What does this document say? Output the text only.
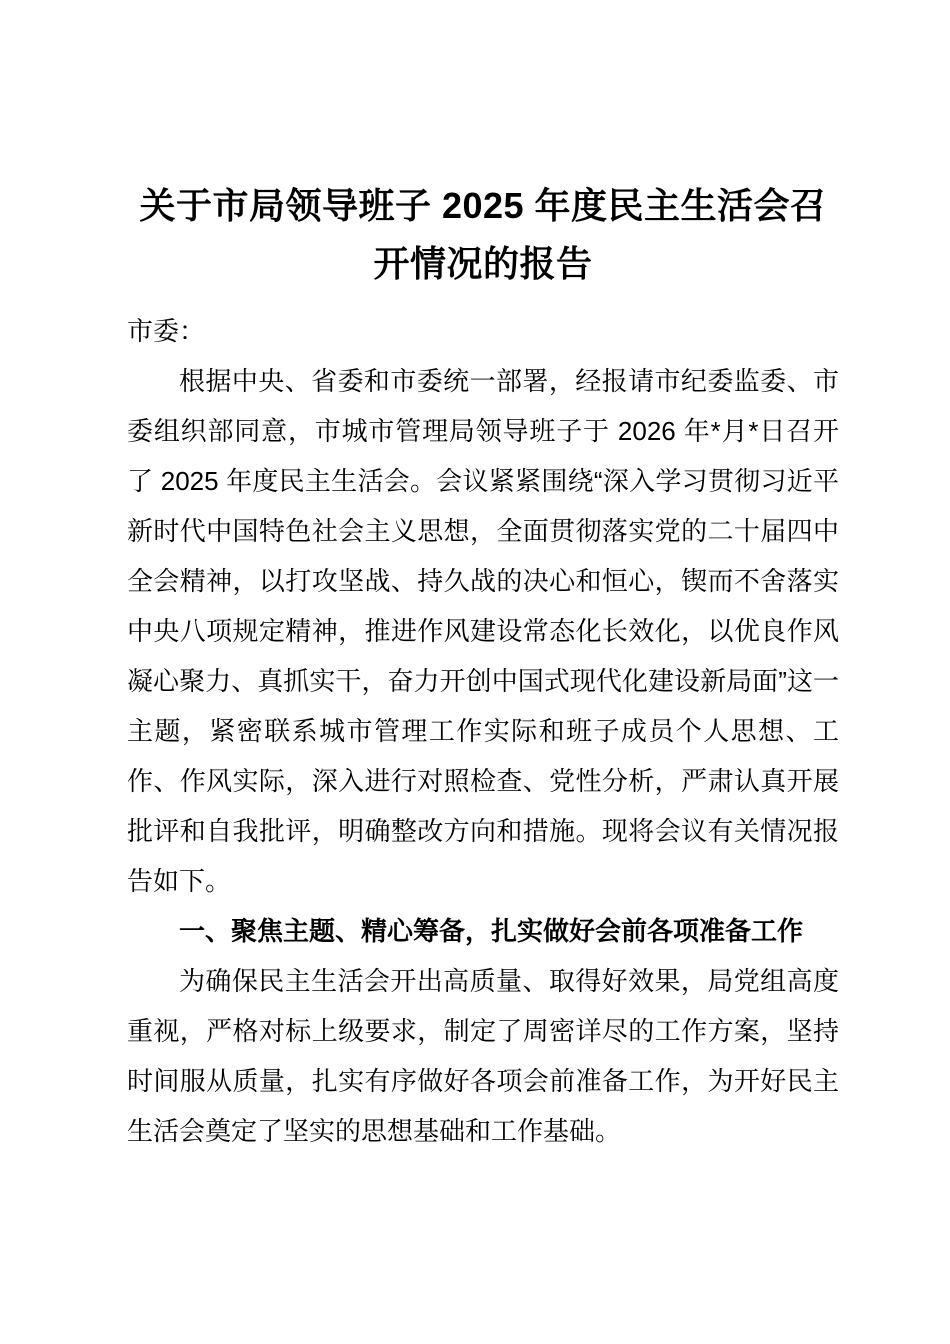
关于市局领导班子 2025 年度民主生活会召开情况的报告

市委：

根据中央、省委和市委统一部署，经报请市纪委监委、市委组织部同意，市城市管理局领导班子于 2026 年*月*日召开了 2025 年度民主生活会。会议紧紧围绕“深入学习贯彻习近平新时代中国特色社会主义思想，全面贯彻落实党的二十届四中全会精神，以打攻坚战、持久战的决心和恒心，锲而不舍落实中央八项规定精神，推进作风建设常态化长效化，以优良作风凝心聚力、真抓实干，奋力开创中国式现代化建设新局面”这一主题，紧密联系城市管理工作实际和班子成员个人思想、工作、作风实际，深入进行对照检查、党性分析，严肃认真开展批评和自我批评，明确整改方向和措施。现将会议有关情况报告如下。

一、聚焦主题、精心筹备，扎实做好会前各项准备工作

为确保民主生活会开出高质量、取得好效果，局党组高度重视，严格对标上级要求，制定了周密详尽的工作方案，坚持时间服从质量，扎实有序做好各项会前准备工作，为开好民主生活会奠定了坚实的思想基础和工作基础。
